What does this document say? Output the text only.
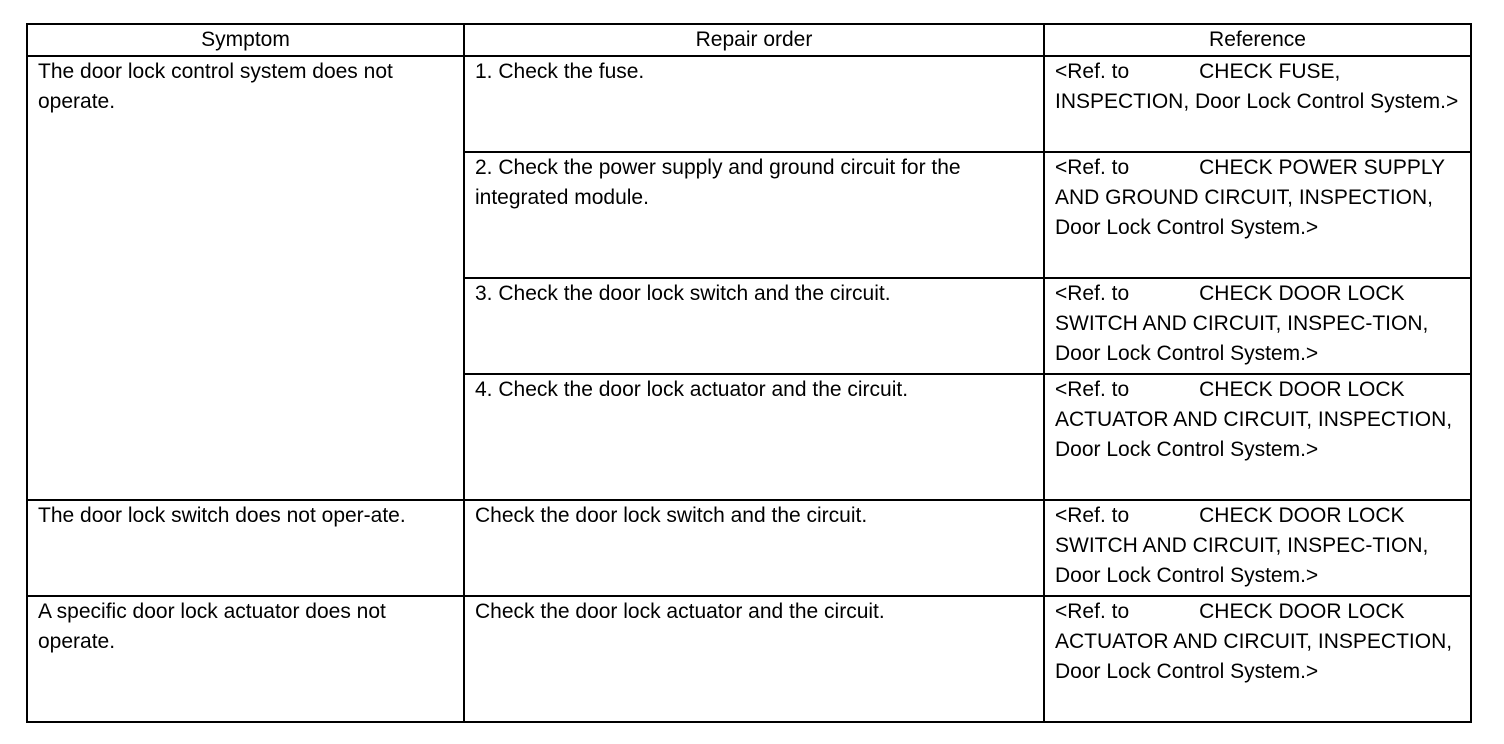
Symptom	Repair order	Reference
The door lock control system does not operate.	1. Check the fuse.	<Ref. to CHECK FUSE, INSPECTION, Door Lock Control System.>
	2. Check the power supply and ground circuit for the integrated module.	<Ref. to CHECK POWER SUPPLY AND GROUND CIRCUIT, INSPECTION, Door Lock Control System.>
	3. Check the door lock switch and the circuit.	<Ref. to CHECK DOOR LOCK SWITCH AND CIRCUIT, INSPEC-TION, Door Lock Control System.>
	4. Check the door lock actuator and the circuit.	<Ref. to CHECK DOOR LOCK ACTUATOR AND CIRCUIT, INSPECTION, Door Lock Control System.>
The door lock switch does not oper-ate.	Check the door lock switch and the circuit.	<Ref. to CHECK DOOR LOCK SWITCH AND CIRCUIT, INSPEC-TION, Door Lock Control System.>
A specific door lock actuator does not operate.	Check the door lock actuator and the circuit.	<Ref. to CHECK DOOR LOCK ACTUATOR AND CIRCUIT, INSPECTION, Door Lock Control System.>
